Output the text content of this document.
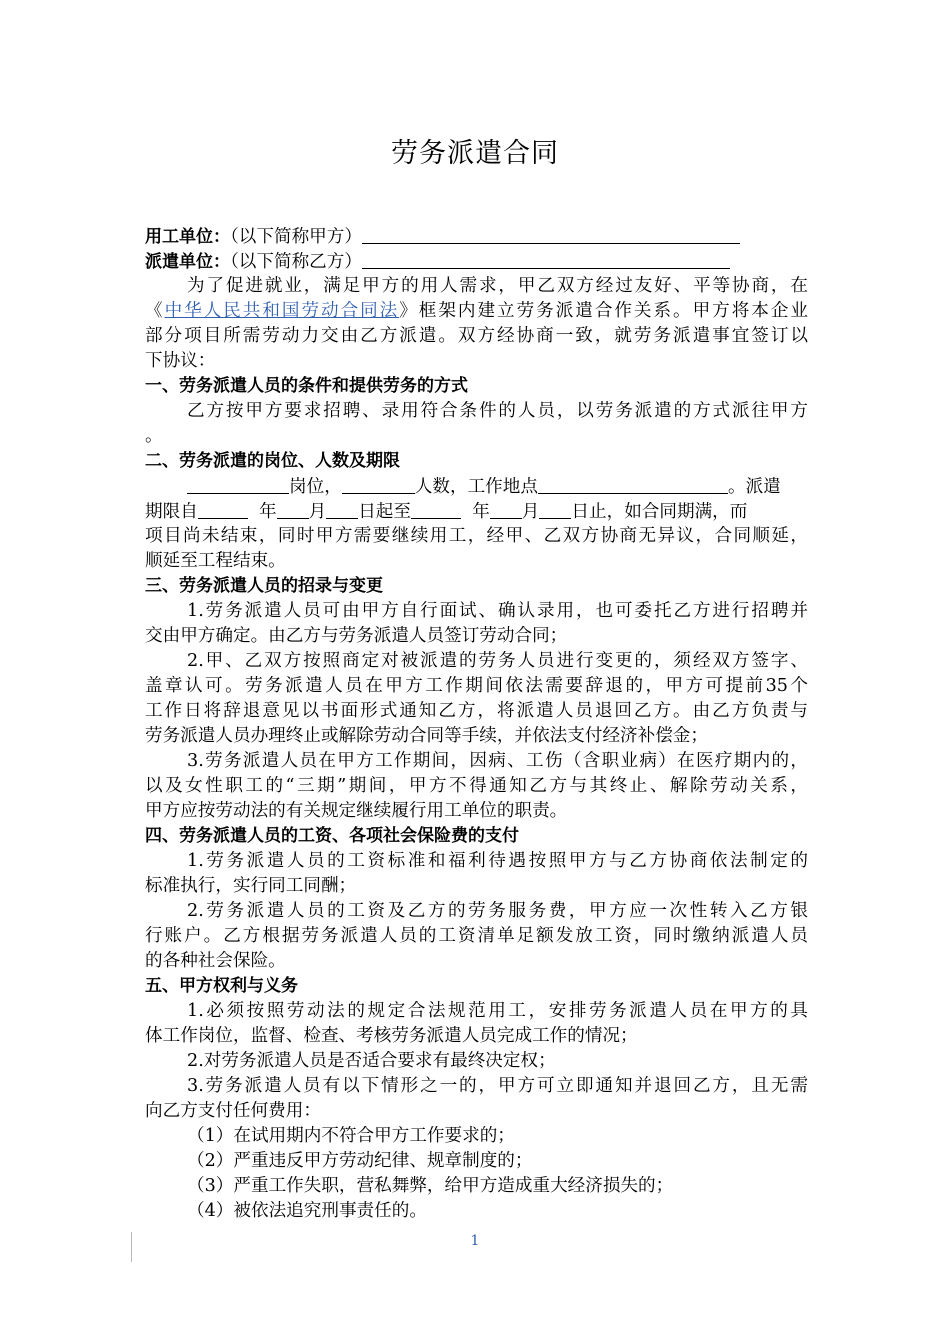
劳务派遣合同
用工单位：（以下简称甲方）
派遣单位：（以下简称乙方）
为了促进就业，满足甲方的用人需求，甲乙双方经过友好、平等协商，在
《中华人民共和国劳动合同法》框架内建立劳务派遣合作关系。甲方将本企业
部分项目所需劳动力交由乙方派遣。双方经协商一致，就劳务派遣事宜签订以
下协议：
一、劳务派遣人员的条件和提供劳务的方式
乙方按甲方要求招聘、录用符合条件的人员，以劳务派遣的方式派往甲方
。
二、劳务派遣的岗位、人数及期限
岗位，	人数，工作地点	。派遣
期限自	年 月 日起至	年 月 日止，如合同期满，而
项目尚未结束，同时甲方需要继续用工，经甲、乙双方协商无异议，合同顺延，
顺延至工程结束。
三、劳务派遣人员的招录与变更
1.劳务派遣人员可由甲方自行面试、确认录用，也可委托乙方进行招聘并
交由甲方确定。由乙方与劳务派遣人员签订劳动合同；
2.甲、乙双方按照商定对被派遣的劳务人员进行变更的，须经双方签字、
盖章认可。劳务派遣人员在甲方工作期间依法需要辞退的，甲方可提前35个
工作日将辞退意见以书面形式通知乙方，将派遣人员退回乙方。由乙方负责与
劳务派遣人员办理终止或解除劳动合同等手续，并依法支付经济补偿金；
3.劳务派遣人员在甲方工作期间，因病、工伤（含职业病）在医疗期内的，
以及女性职工的“三期”期间，甲方不得通知乙方与其终止、解除劳动关系，
甲方应按劳动法的有关规定继续履行用工单位的职责。
四、劳务派遣人员的工资、各项社会保险费的支付
1.劳务派遣人员的工资标准和福利待遇按照甲方与乙方协商依法制定的
标准执行，实行同工同酬；
2.劳务派遣人员的工资及乙方的劳务服务费，甲方应一次性转入乙方银
行账户。乙方根据劳务派遣人员的工资清单足额发放工资，同时缴纳派遣人员
的各种社会保险。
五、甲方权利与义务
1.必须按照劳动法的规定合法规范用工，安排劳务派遣人员在甲方的具
体工作岗位，监督、检查、考核劳务派遣人员完成工作的情况；
2.对劳务派遣人员是否适合要求有最终决定权；
3.劳务派遣人员有以下情形之一的，甲方可立即通知并退回乙方，且无需
向乙方支付任何费用：
（1）在试用期内不符合甲方工作要求的；
（2）严重违反甲方劳动纪律、规章制度的；
（3）严重工作失职，营私舞弊，给甲方造成重大经济损失的；
（4）被依法追究刑事责任的。
1
